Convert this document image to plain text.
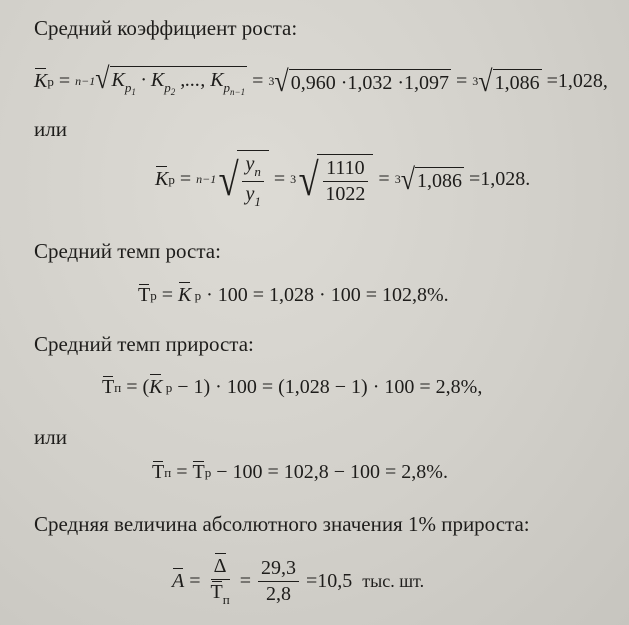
Средний коэффициент роста:
K р = n−1 √ $K_{p_1} \cdot K_{p_2}$ ,..., $K_{p_{n-1}} = 3$ √ 0,960 ·1,032 ·1,097 = 3 √ 1,086
=1,028,
или
K р = n−1 √ $\frac{y_n}{y_1} = 3$ √ $\frac{1110}{1022} = 3$ √ 1,086
=1,028.
Средний темп роста:
T р = K р
· 100 = 1,028 · 100 = 102,8%.
Средний темп прироста:
T п = ( K р
− 1) · 100 = (1,028 − 1) · 100 = 2,8%,
или
T п = T р
− 100 = 102,8 − 100 = 2,8%.
Средняя величина абсолютного значения 1% прироста:
$A = \frac{\Delta}{T_п} = \frac{29,3}{2,8}$
=10,5
тыс. шт.
